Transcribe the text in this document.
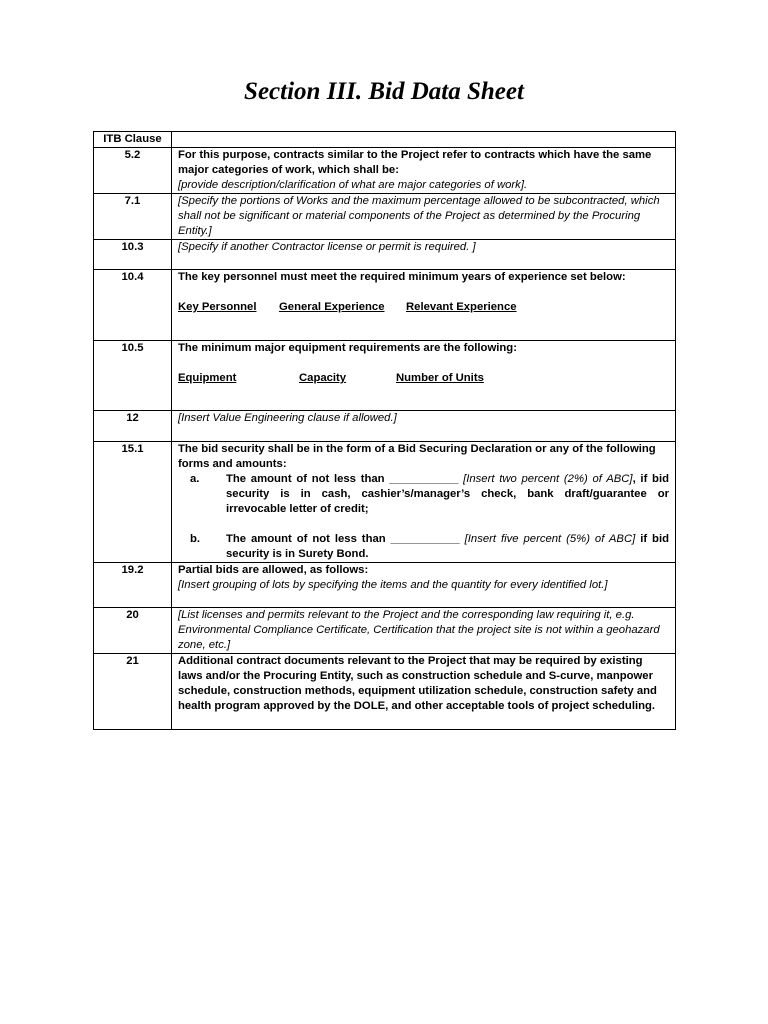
Section III. Bid Data Sheet
ITB Clause	
5.2	For this purpose, contracts similar to the Project refer to contracts which have the same major categories of work, which shall be:
[provide description/clarification of what are major categories of work].

7.1	[Specify the portions of Works and the maximum percentage allowed to be subcontracted, which shall not be significant or material components of the Project as determined by the Procuring Entity.]

10.3	[Specify if another Contractor license or permit is required. ]

10.4	The key personnel must meet the required minimum years of experience set below:
Key Personnel General Experience Relevant Experience

10.5	The minimum major equipment requirements are the following:
Equipment Capacity Number of Units

12	[Insert Value Engineering clause if allowed.]

15.1	The bid security shall be in the form of a Bid Securing Declaration or any of the following forms and amounts:
a. The amount of not less than ___________ [Insert two percent (2%) of ABC], if bid security is in cash, cashier’s/manager’s check, bank draft/guarantee or irrevocable letter of credit;
b. The amount of not less than ___________ [Insert five percent (5%) of ABC] if bid security is in Surety Bond.

19.2	Partial bids are allowed, as follows:
[Insert grouping of lots by specifying the items and the quantity for every identified lot.]

20	[List licenses and permits relevant to the Project and the corresponding law requiring it, e.g. Environmental Compliance Certificate, Certification that the project site is not within a geohazard zone, etc.]

21	Additional contract documents relevant to the Project that may be required by existing laws and/or the Procuring Entity, such as construction schedule and S-curve, manpower schedule, construction methods, equipment utilization schedule, construction safety and health program approved by the DOLE, and other acceptable tools of project scheduling.
